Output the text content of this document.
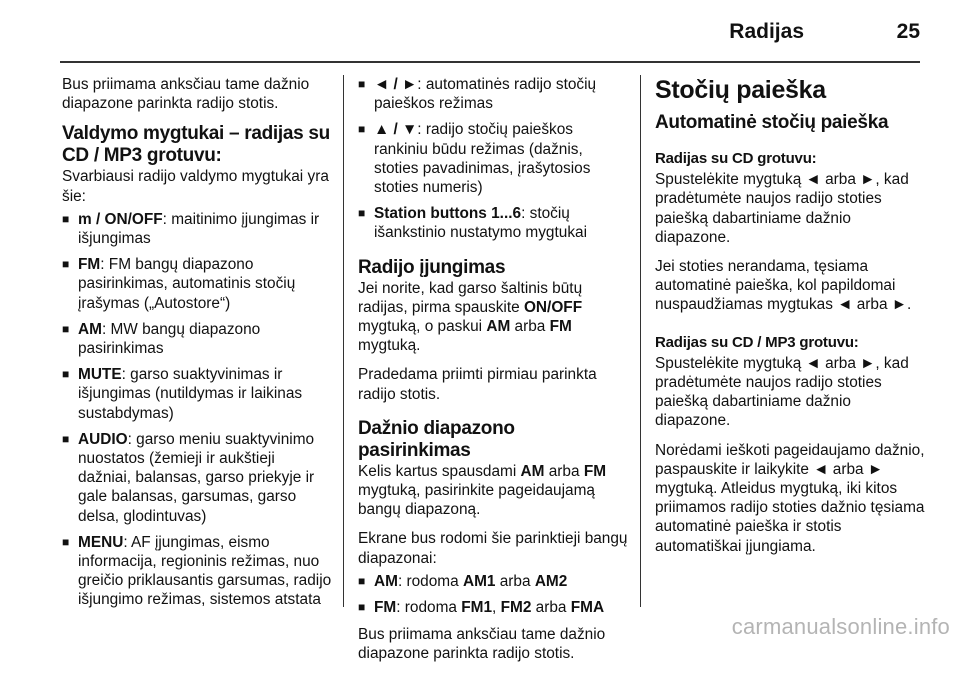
Radijas	25

Bus priimama anksčiau tame dažnio diapazone parinkta radijo stotis.

Valdymo mygtukai – radijas su CD / MP3 grotuvu:

Svarbiausi radijo valdymo mygtukai yra šie:

■ m / ON/OFF: maitinimo įjungimas ir išjungimas
■ FM: FM bangų diapazono pasirinkimas, automatinis stočių įrašymas („Autostore“)
■ AM: MW bangų diapazono pasirinkimas
■ MUTE: garso suaktyvinimas ir išjungimas (nutildymas ir laikinas sustabdymas)
■ AUDIO: garso meniu suaktyvinimo nuostatos (žemieji ir aukštieji dažniai, balansas, garso priekyje ir gale balansas, garsumas, garso delsa, glodintuvas)
■ MENU: AF įjungimas, eismo informacija, regioninis režimas, nuo greičio priklausantis garsumas, radijo išjungimo režimas, sistemos atstata
■ ◄ / ►: automatinės radijo stočių paieškos režimas
■ ▲ / ▼: radijo stočių paieškos rankiniu būdu režimas (dažnis, stoties pavadinimas, įrašytosios stoties numeris)
■ Station buttons 1...6: stočių išankstinio nustatymo mygtukai
Radijo įjungimas

Jei norite, kad garso šaltinis būtų radijas, pirma spauskite ON/OFF mygtuką, o paskui AM arba FM mygtuką.

Pradedama priimti pirmiau parinkta radijo stotis.

Dažnio diapazono pasirinkimas

Kelis kartus spausdami AM arba FM mygtuką, pasirinkite pageidaujamą bangų diapazoną.

Ekrane bus rodomi šie parinktieji bangų diapazonai:

■ AM: rodoma AM1 arba AM2
■ FM: rodoma FM1, FM2 arba FMA

Bus priimama anksčiau tame dažnio diapazone parinkta radijo stotis.

Stočių paieška
Automatinė stočių paieška
Radijas su CD grotuvu:

Spustelėkite mygtuką ◄ arba ►, kad pradėtumėte naujos radijo stoties paiešką dabartiniame dažnio diapazone.

Jei stoties nerandama, tęsiama automatinė paieška, kol papildomai nuspaudžiamas mygtukas ◄ arba ►.

Radijas su CD / MP3 grotuvu:

Spustelėkite mygtuką ◄ arba ►, kad pradėtumėte naujos radijo stoties paiešką dabartiniame dažnio diapazone.

Norėdami ieškoti pageidaujamo dažnio, paspauskite ir laikykite ◄ arba ► mygtuką. Atleidus mygtuką, iki kitos priimamos radijo stoties dažnio tęsiama automatinė paieška ir stotis automatiškai įjungiama.

carmanualsonline.info
